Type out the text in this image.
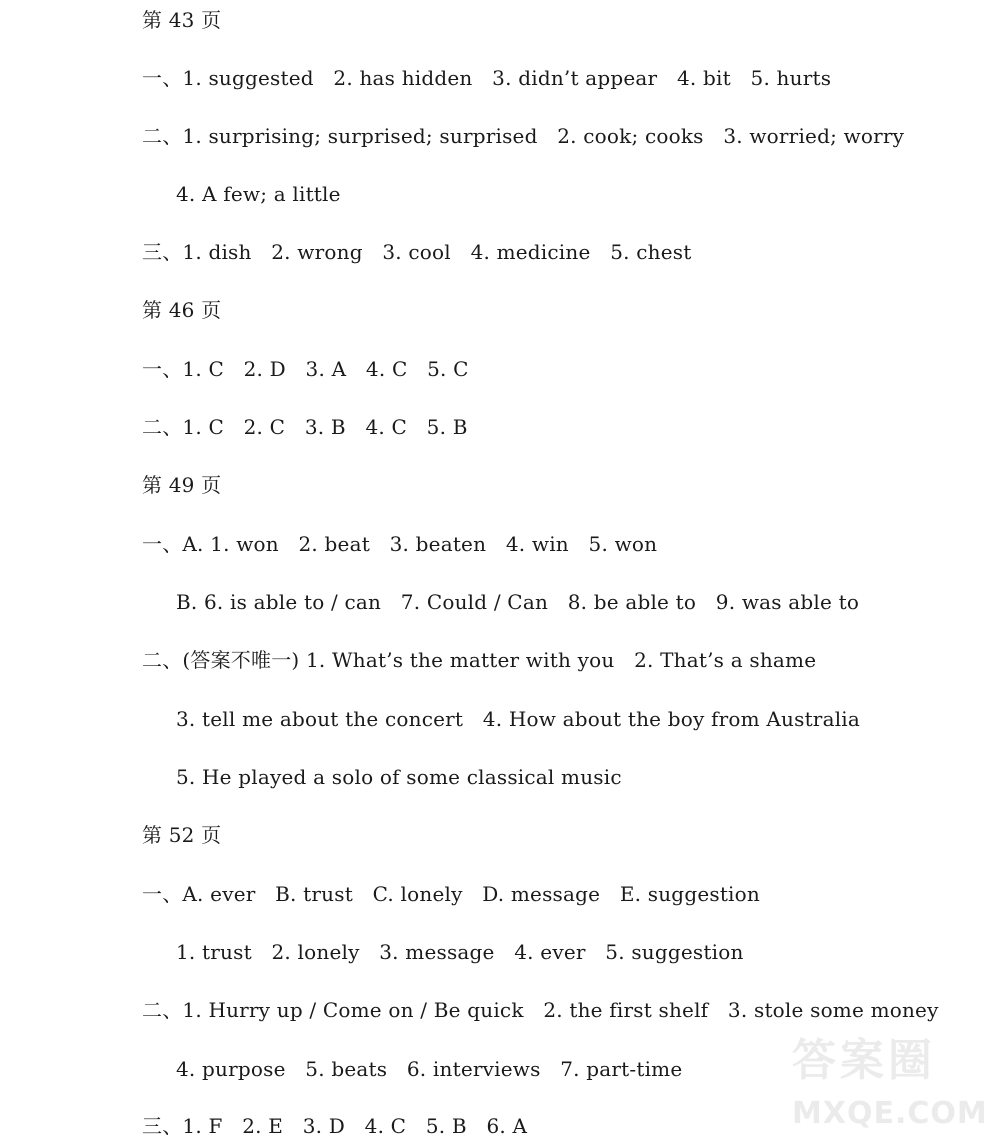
第 43 页
一、1. suggested   2. has hidden   3. didn’t appear   4. bit   5. hurts
二、1. surprising; surprised; surprised   2. cook; cooks   3. worried; worry
4. A few; a little
三、1. dish   2. wrong   3. cool   4. medicine   5. chest
第 46 页
一、1. C   2. D   3. A   4. C   5. C
二、1. C   2. C   3. B   4. C   5. B
第 49 页
一、A. 1. won   2. beat   3. beaten   4. win   5. won
B. 6. is able to / can   7. Could / Can   8. be able to   9. was able to
二、(答案不唯一) 1. What’s the matter with you   2. That’s a shame
3. tell me about the concert   4. How about the boy from Australia
5. He played a solo of some classical music
第 52 页
一、A. ever   B. trust   C. lonely   D. message   E. suggestion
1. trust   2. lonely   3. message   4. ever   5. suggestion
二、1. Hurry up / Come on / Be quick   2. the first shelf   3. stole some money
4. purpose   5. beats   6. interviews   7. part-time
三、1. F   2. E   3. D   4. C   5. B   6. A
答案圈
MXQE.COM
